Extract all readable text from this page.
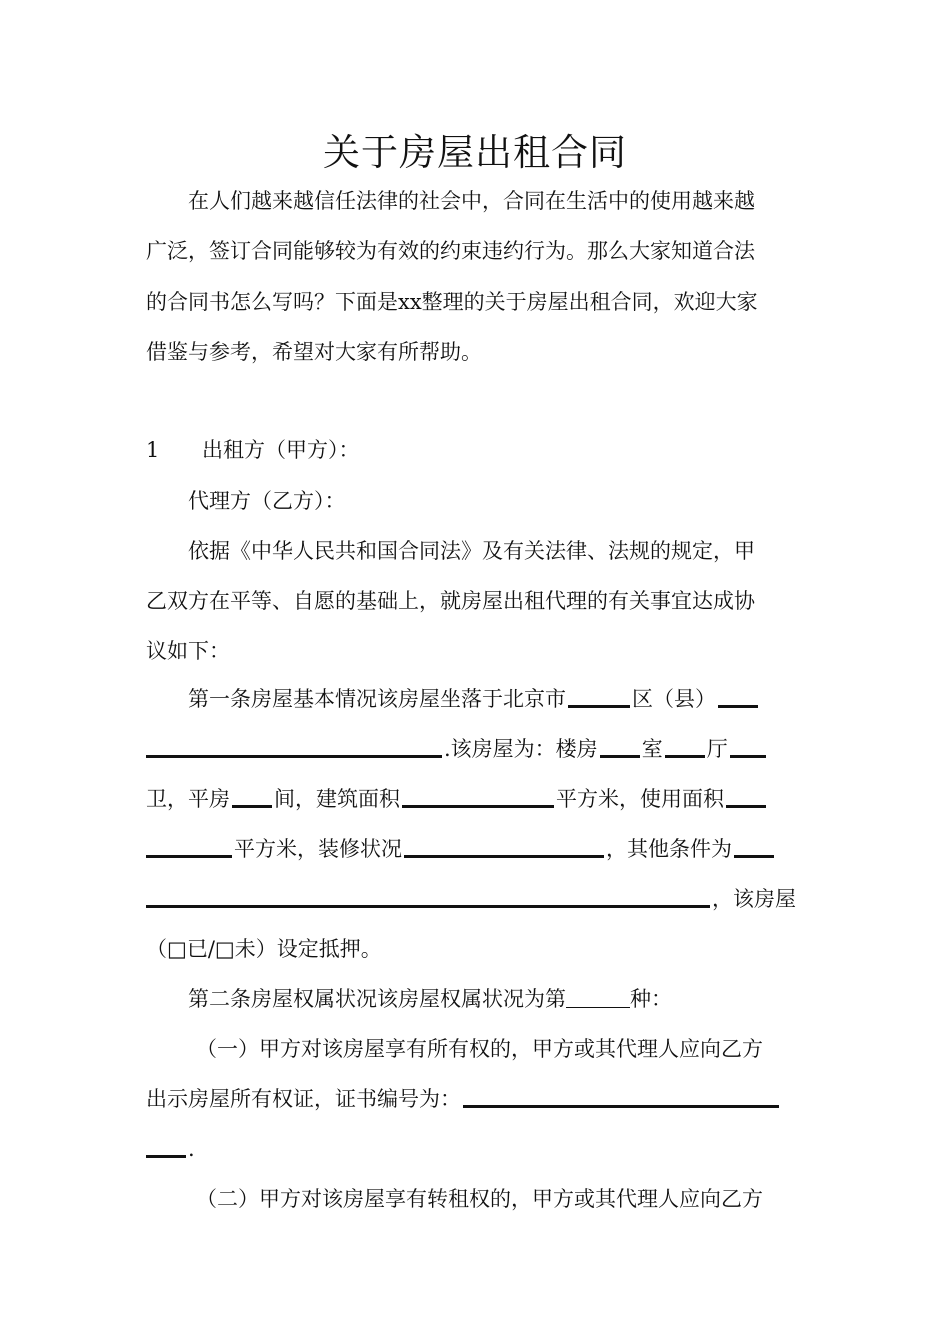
关于房屋出租合同
在人们越来越信任法律的社会中，合同在生活中的使用越来越
广泛，签订合同能够较为有效的约束违约行为。那么大家知道合法
的合同书怎么写吗？下面是xx整理的关于房屋出租合同，欢迎大家
借鉴与参考，希望对大家有所帮助。
1 出租方（甲方）：
代理方（乙方）：
依据《中华人民共和国合同法》及有关法律、法规的规定，甲
乙双方在平等、自愿的基础上，就房屋出租代理的有关事宜达成协
议如下：
第一条房屋基本情况该房屋坐落于北京市	区（县）
.该房屋为：楼房 室 厅
卫，平房 间，建筑面积	平方米，使用面积
平方米，装修状况	，其他条件为
，该房屋
（□已/□未）设定抵押。
第二条房屋权属状况该房屋权属状况为第	种：
（一）甲方对该房屋享有所有权的，甲方或其代理人应向乙方
出示房屋所有权证，证书编号为：
.
（二）甲方对该房屋享有转租权的，甲方或其代理人应向乙方
